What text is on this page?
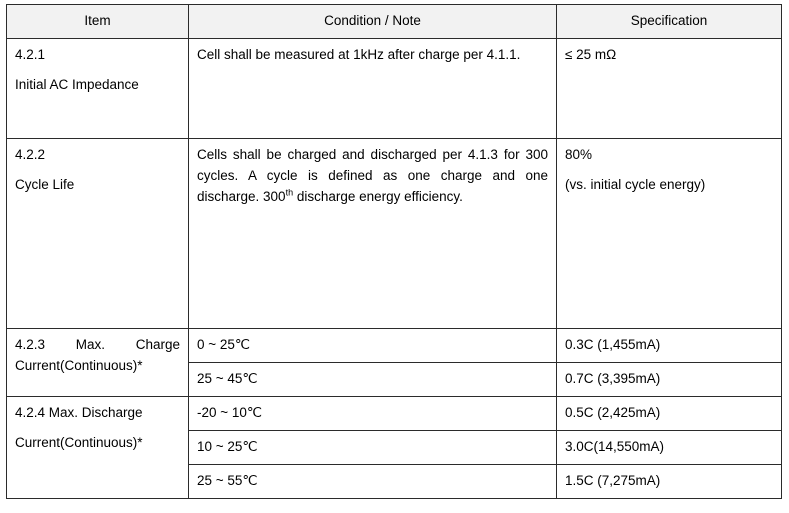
Item	Condition / Note	Specification

4.2.1
Initial AC Impedance	Cell shall be measured at 1kHz after charge per 4.1.1.	≤ 25 mΩ

4.2.2
Cycle Life	Cells shall be charged and discharged per 4.1.3 for 300 cycles. A cycle is defined as one charge and one discharge. 300th discharge energy efficiency.	80%
(vs. initial cycle energy)

4.2.3   Max.   Charge
Current(Continuous)*	0 ~ 25℃	0.3C (1,455mA)
	25 ~ 45℃	0.7C (3,395mA)

4.2.4 Max. Discharge
Current(Continuous)*	-20 ~ 10℃	0.5C (2,425mA)
	10 ~ 25℃	3.0C(14,550mA)
	25 ~ 55℃	1.5C (7,275mA)
